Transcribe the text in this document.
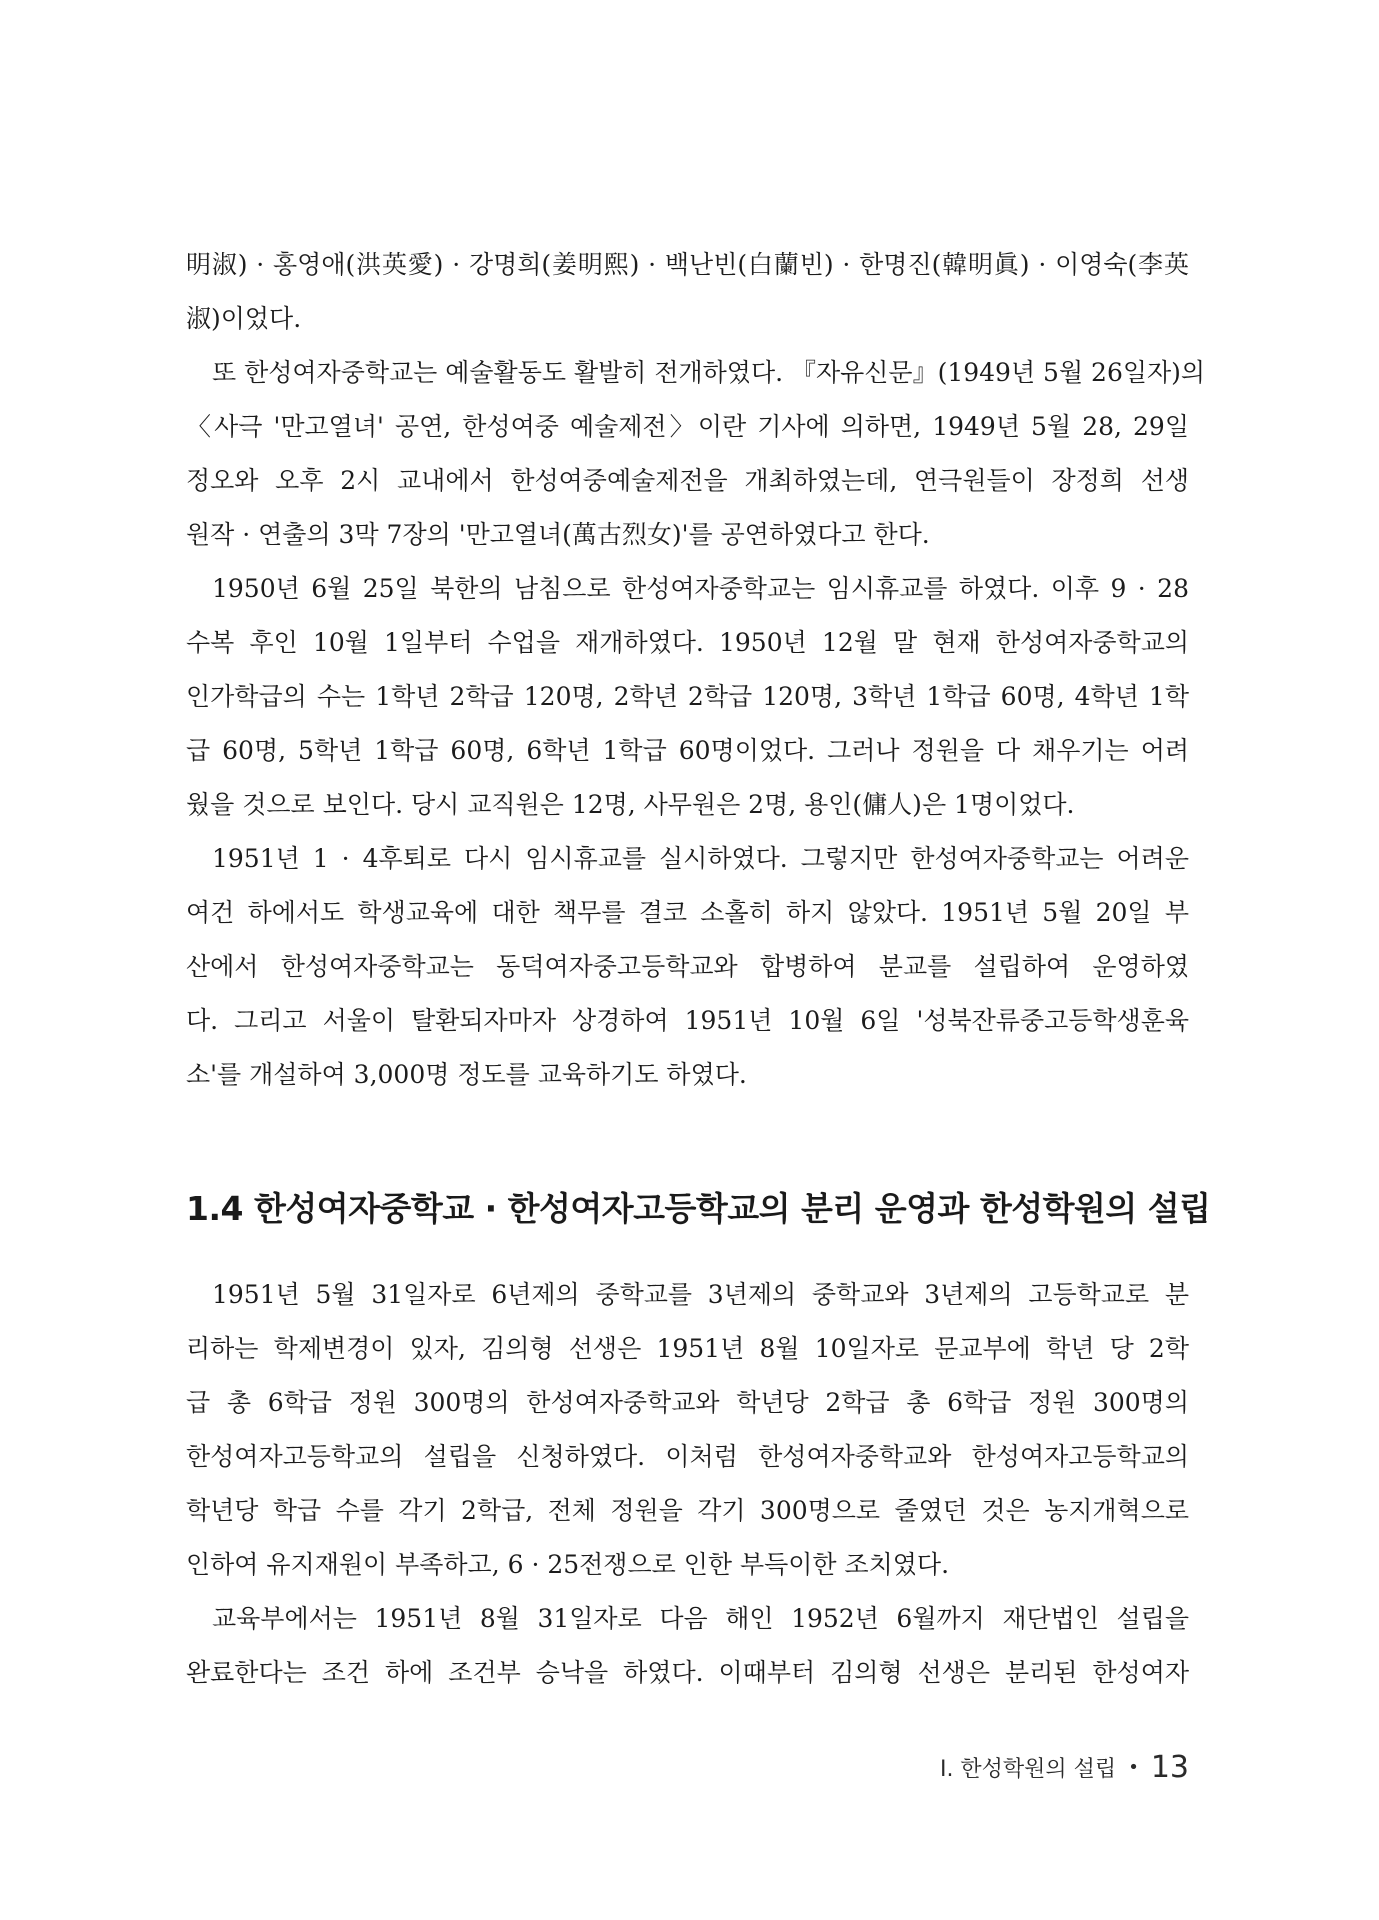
明淑) · 홍영애(洪英愛) · 강명희(姜明熙) · 백난빈(白蘭빈) · 한명진(韓明眞) · 이영숙(李英
淑)이었다.
또 한성여자중학교는 예술활동도 활발히 전개하였다. 『자유신문』(1949년 5월 26일자)의
〈사극 '만고열녀' 공연, 한성여중 예술제전〉이란 기사에 의하면, 1949년 5월 28, 29일
정오와 오후 2시 교내에서 한성여중예술제전을 개최하였는데, 연극원들이 장정희 선생
원작 · 연출의 3막 7장의 '만고열녀(萬古烈女)'를 공연하였다고 한다.
1950년 6월 25일 북한의 남침으로 한성여자중학교는 임시휴교를 하였다. 이후 9 · 28
수복 후인 10월 1일부터 수업을 재개하였다. 1950년 12월 말 현재 한성여자중학교의
인가학급의 수는 1학년 2학급 120명, 2학년 2학급 120명, 3학년 1학급 60명, 4학년 1학
급 60명, 5학년 1학급 60명, 6학년 1학급 60명이었다. 그러나 정원을 다 채우기는 어려
웠을 것으로 보인다. 당시 교직원은 12명, 사무원은 2명, 용인(傭人)은 1명이었다.
1951년 1 · 4후퇴로 다시 임시휴교를 실시하였다. 그렇지만 한성여자중학교는 어려운
여건 하에서도 학생교육에 대한 책무를 결코 소홀히 하지 않았다. 1951년 5월 20일 부
산에서 한성여자중학교는 동덕여자중고등학교와 합병하여 분교를 설립하여 운영하였
다. 그리고 서울이 탈환되자마자 상경하여 1951년 10월 6일 '성북잔류중고등학생훈육
소'를 개설하여 3,000명 정도를 교육하기도 하였다.
1.4 한성여자중학교 · 한성여자고등학교의 분리 운영과 한성학원의 설립
1951년 5월 31일자로 6년제의 중학교를 3년제의 중학교와 3년제의 고등학교로 분
리하는 학제변경이 있자, 김의형 선생은 1951년 8월 10일자로 문교부에 학년 당 2학
급 총 6학급 정원 300명의 한성여자중학교와 학년당 2학급 총 6학급 정원 300명의
한성여자고등학교의 설립을 신청하였다. 이처럼 한성여자중학교와 한성여자고등학교의
학년당 학급 수를 각기 2학급, 전체 정원을 각기 300명으로 줄였던 것은 농지개혁으로
인하여 유지재원이 부족하고, 6 · 25전쟁으로 인한 부득이한 조치였다.
교육부에서는 1951년 8월 31일자로 다음 해인 1952년 6월까지 재단법인 설립을
완료한다는 조건 하에 조건부 승낙을 하였다. 이때부터 김의형 선생은 분리된 한성여자
Ⅰ. 한성학원의 설립 • 13
